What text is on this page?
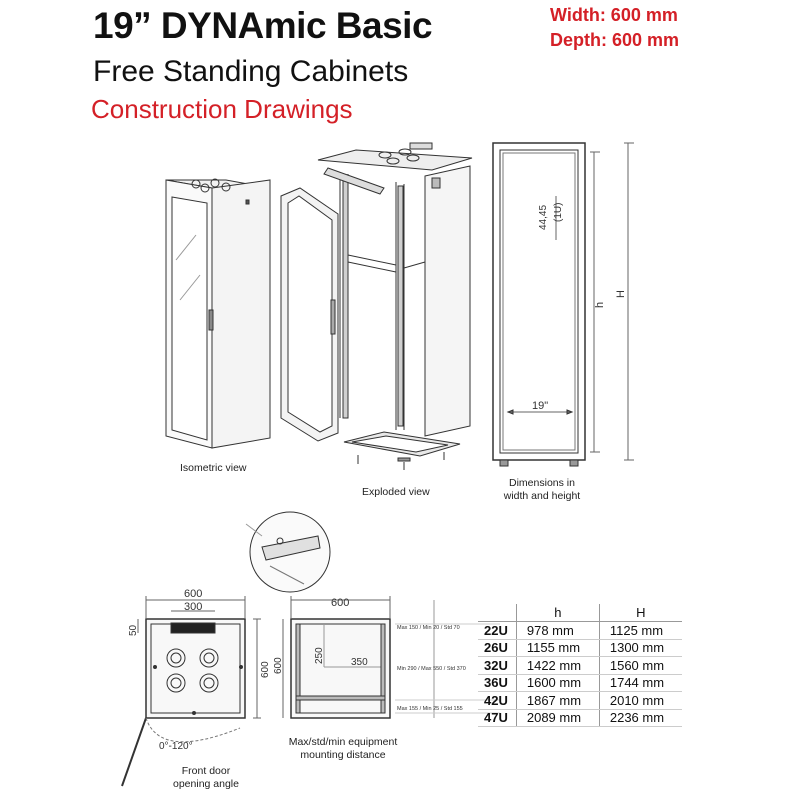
19” DYNAmic Basic	Width: 600 mm
Depth: 600 mm
Free Standing Cabinets
Construction Drawings
44,45 (1U)
h
H
19"
600
300
50
600
0°-120°
600
600
250	350
Max 150 / Min 20 / Std 70
Min 290 / Max 550 / Std 370
Max 155 / Min 25 / Std 155
Isometric view
Exploded view
Dimensions in
width and height
Front door
opening angle
Max/std/min equipment
mounting distance
	h	H
22U	978 mm	1125 mm
26U	1155 mm	1300 mm
32U	1422 mm	1560 mm
36U	1600 mm	1744 mm
42U	1867 mm	2010 mm
47U	2089 mm	2236 mm
